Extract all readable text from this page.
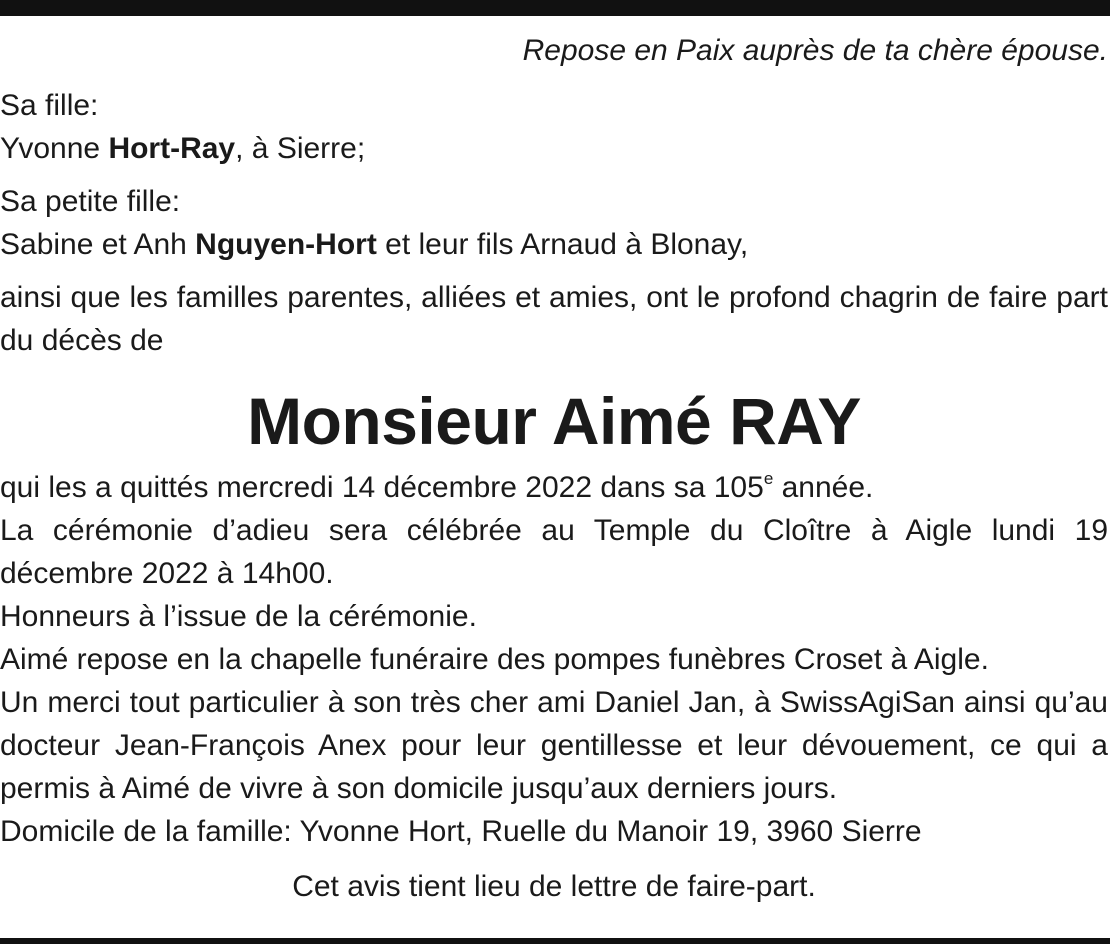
Repose en Paix auprès de ta chère épouse.

Sa fille:

Yvonne Hort-Ray, à Sierre;

Sa petite fille:

Sabine et Anh Nguyen-Hort et leur fils Arnaud à Blonay,

ainsi que les familles parentes, alliées et amies, ont le profond chagrin de faire part du décès de

Monsieur Aimé RAY

qui les a quittés mercredi 14 décembre 2022 dans sa 105e année.

La cérémonie d’adieu sera célébrée au Temple du Cloître à Aigle lundi 19 décembre 2022 à 14h00.

Honneurs à l’issue de la cérémonie.

Aimé repose en la chapelle funéraire des pompes funèbres Croset à Aigle.

Un merci tout particulier à son très cher ami Daniel Jan, à SwissAgiSan ainsi qu’au docteur Jean-François Anex pour leur gentillesse et leur dévouement, ce qui a permis à Aimé de vivre à son domicile jusqu’aux derniers jours.

Domicile de la famille: Yvonne Hort, Ruelle du Manoir 19, 3960 Sierre

Cet avis tient lieu de lettre de faire-part.
